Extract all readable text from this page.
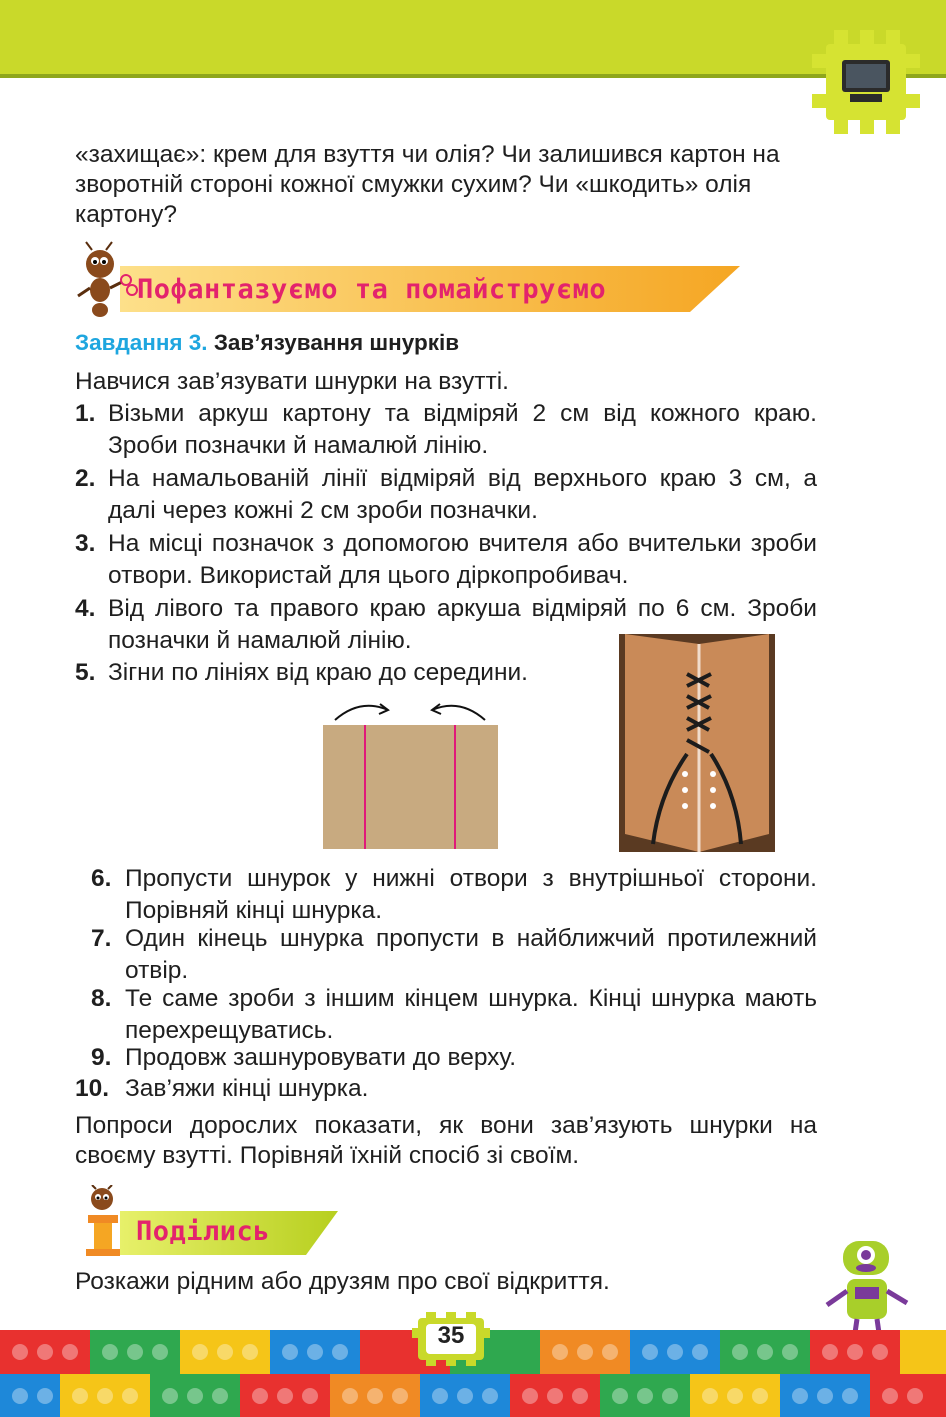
«захищає»: крем для взуття чи олія? Чи залишився картон на зворотній стороні кожної смужки сухим? Чи «шкодить» олія картону?

Пофантазуємо та помайструємо
Завдання 3. Зав’язування шнурків

Навчися зав’язувати шнурки на взутті.

1. Візьми аркуш картону та відміряй 2 см від кожного краю. Зроби позначки й намалюй лінію.
2. На намальованій лінії відміряй від верхнього краю 3 см, а далі через кожні 2 см зроби позначки.
3. На місці позначок з допомогою вчителя або вчительки зроби отвори. Використай для цього діркопробивач.
4. Від лівого та правого краю аркуша відміряй по 6 см. Зроби позначки й намалюй лінію.
5. Зігни по лініях від краю до середини.
6. Пропусти шнурок у нижні отвори з внутрішньої сторони. Порівняй кінці шнурка.
7. Один кінець шнурка пропусти в найближчий протилежний отвір.
8. Те саме зроби з іншим кінцем шнурка. Кінці шнурка мають перехрещуватись.
9. Продовж зашнуровувати до верху.
10. Зав’яжи кінці шнурка.

Попроси дорослих показати, як вони зав’язують шнурки на своєму взутті. Порівняй їхній спосіб зі своїм.

Поділись

Розкажи рідним або друзям про свої відкриття.

35
